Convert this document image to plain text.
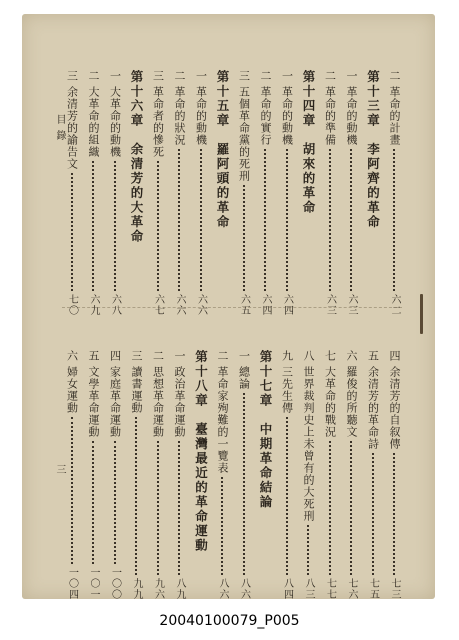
二
革命的計畫
六二
第十三章　李阿齊的革命
一
革命的動機
六三
二
革命的準備
六三
第十四章　胡來的革命
一
革命的動機
六四
二
革命的實行
六四
三
五個革命黨的死刑
六五
第十五章　羅阿頭的革命
一
革命的動機
六六
二
革命的狀況
六六
三
革命者的慘死
六七
第十六章　余清芳的大革命
一
大革命的動機
六八
二
大革命的組織
六九
三
余清芳的諭告文
七〇
四
余清芳的自叙傳
七三
五
余清芳的革命詩
七五
六
羅俊的所聽文
七六
七
大革命的戰況
七七
八
世界裁判史上未曾有的大死刑
八三
九
三先生傳
八四
第十七章　中期革命結論
一
總論
八六
二
革命家殉難的一覽表
八六
第十八章　臺灣最近的革命運動
一
政治革命運動
八九
二
思想革命運動
九六
三
讀書運動
九九
四
家庭革命運動
一〇〇
五
文學革命運動
一〇一
六
婦女運動
一〇四
目錄
三
20040100079_P005
